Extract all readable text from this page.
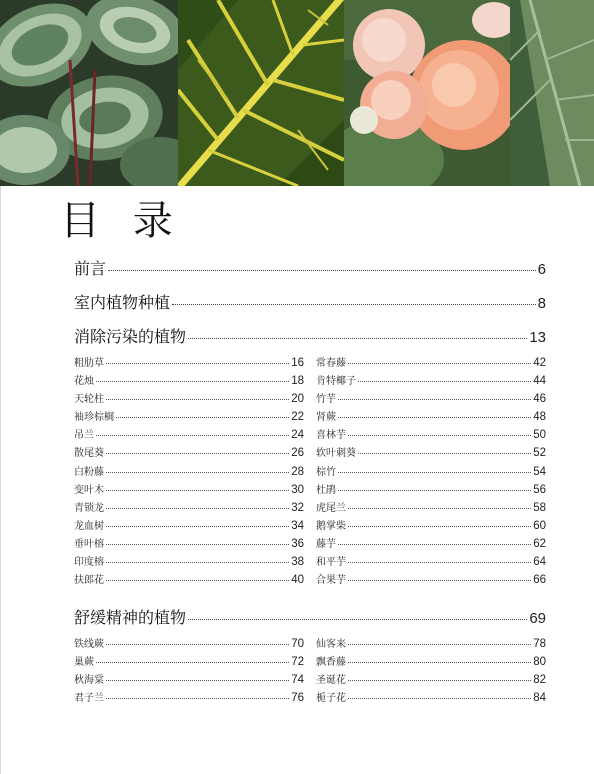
目 录
前言	6
室内植物种植	8
消除污染的植物	13
粗肋草	16
花烛	18
天轮柱	20
袖珍棕榈	22
吊兰	24
散尾葵	26
白粉藤	28
变叶木	30
青锁龙	32
龙血树	34
垂叶榕	36
印度榕	38
扶郎花	40
常春藤	42
肯特椰子	44
竹芋	46
肾蕨	48
喜林芋	50
软叶刺葵	52
棕竹	54
杜鹃	56
虎尾兰	58
鹅掌柴	60
藤芋	62
和平芋	64
合果芋	66
舒缓精神的植物	69
铁线蕨	70
巢蕨	72
秋海棠	74
君子兰	76
仙客来	78
飘香藤	80
圣诞花	82
栀子花	84
